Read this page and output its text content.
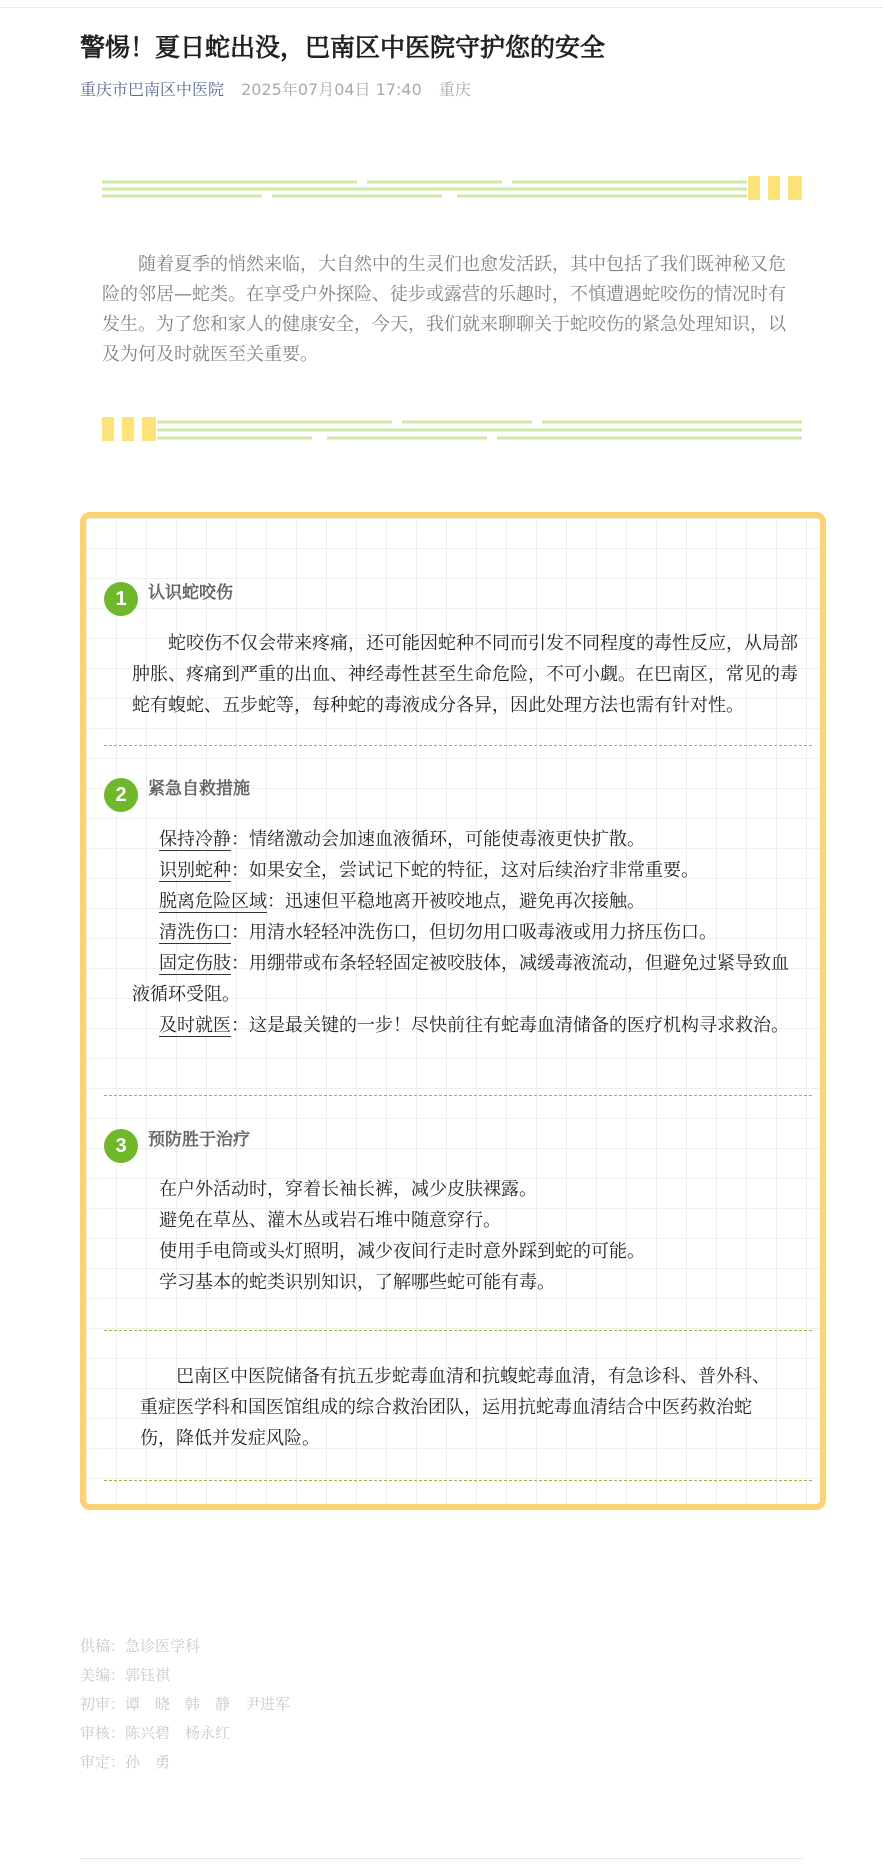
警惕！夏日蛇出没，巴南区中医院守护您的安全
重庆市巴南区中医院 2025年07月04日 17:40 重庆

随着夏季的悄然来临，大自然中的生灵们也愈发活跃，其中包括了我们既神秘又危险的邻居—蛇类。在享受户外探险、徒步或露营的乐趣时，不慎遭遇蛇咬伤的情况时有发生。为了您和家人的健康安全，今天，我们就来聊聊关于蛇咬伤的紧急处理知识，以及为何及时就医至关重要。

1	认识蛇咬伤

蛇咬伤不仅会带来疼痛，还可能因蛇种不同而引发不同程度的毒性反应，从局部肿胀、疼痛到严重的出血、神经毒性甚至生命危险，不可小觑。在巴南区，常见的毒蛇有蝮蛇、五步蛇等，每种蛇的毒液成分各异，因此处理方法也需有针对性。

2	紧急自救措施
保持冷静：情绪激动会加速血液循环，可能使毒液更快扩散。
识别蛇种：如果安全，尝试记下蛇的特征，这对后续治疗非常重要。
脱离危险区域：迅速但平稳地离开被咬地点，避免再次接触。
清洗伤口：用清水轻轻冲洗伤口，但切勿用口吸毒液或用力挤压伤口。
固定伤肢：用绷带或布条轻轻固定被咬肢体，减缓毒液流动，但避免过紧导致血液循环受阻。
及时就医：这是最关键的一步！尽快前往有蛇毒血清储备的医疗机构寻求救治。
3	预防胜于治疗
在户外活动时，穿着长袖长裤，减少皮肤裸露。
避免在草丛、灌木丛或岩石堆中随意穿行。
使用手电筒或头灯照明，减少夜间行走时意外踩到蛇的可能。
学习基本的蛇类识别知识，了解哪些蛇可能有毒。

巴南区中医院储备有抗五步蛇毒血清和抗蝮蛇毒血清，有急诊科、普外科、重症医学科和国医馆组成的综合救治团队，运用抗蛇毒血清结合中医药救治蛇伤，降低并发症风险。

供稿：急诊医学科
美编：郭钰祺
初审：谭　晓　韩　静　尹进军
审核：陈兴碧　杨永红
审定：孙　勇
